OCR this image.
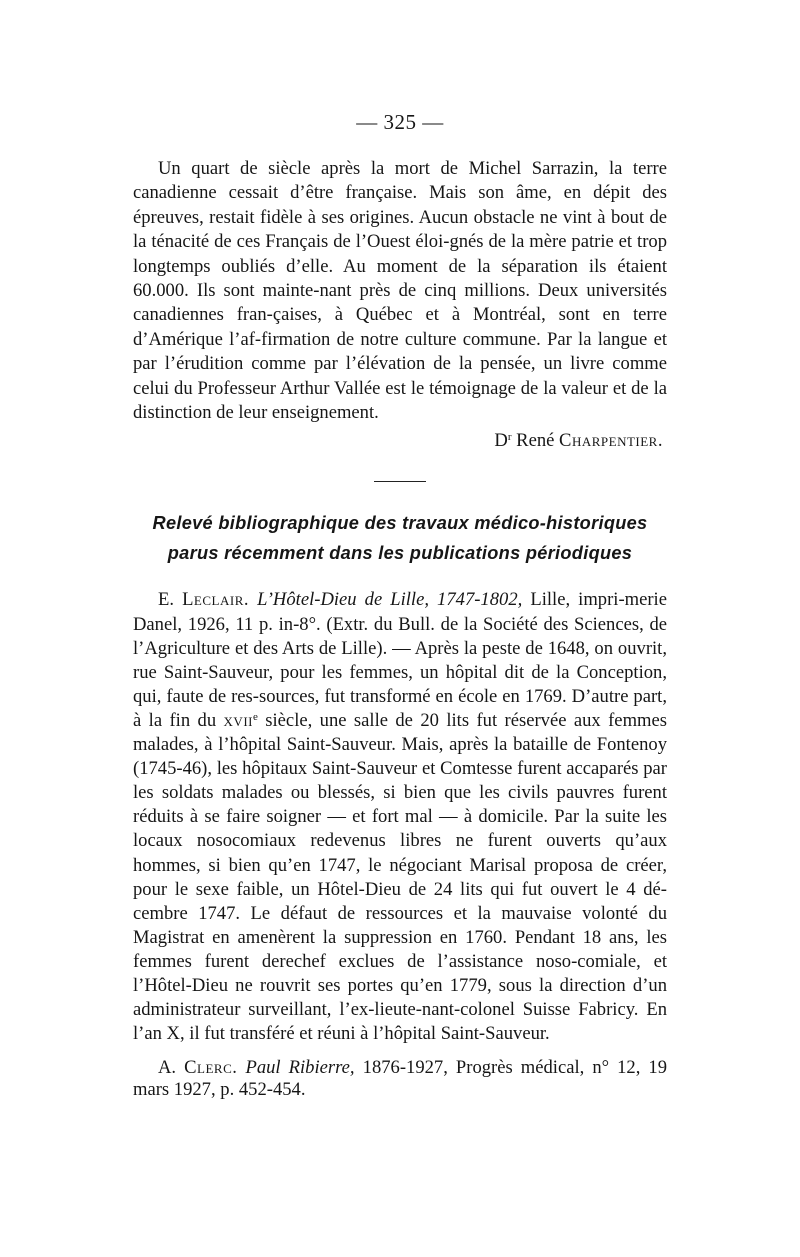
— 325 —

Un quart de siècle après la mort de Michel Sarrazin, la terre canadienne cessait d’être française. Mais son âme, en dépit des épreuves, restait fidèle à ses origines. Aucun obstacle ne vint à bout de la ténacité de ces Français de l’Ouest éloi-gnés de la mère patrie et trop longtemps oubliés d’elle. Au moment de la séparation ils étaient 60.000. Ils sont mainte-nant près de cinq millions. Deux universités canadiennes fran-çaises, à Québec et à Montréal, sont en terre d’Amérique l’af-firmation de notre culture commune. Par la langue et par l’érudition comme par l’élévation de la pensée, un livre comme celui du Professeur Arthur Vallée est le témoignage de la valeur et de la distinction de leur enseignement.

$D^r$ René Charpentier.
Relevé bibliographique des travaux médico-historiques
parus récemment dans les publications périodiques

E. Leclair. L’Hôtel-Dieu de Lille, 1747-1802, Lille, impri-merie Danel, 1926, 11 p. in-8°. (Extr. du Bull. de la Société des Sciences, de l’Agriculture et des Arts de Lille). — Après la peste de 1648, on ouvrit, rue Saint-Sauveur, pour les femmes, un hôpital dit de la Conception, qui, faute de res-sources, fut transformé en école en 1769. D’autre part, à la fin du xvii$^e$ siècle, une salle de 20 lits fut réservée aux femmes malades, à l’hôpital Saint-Sauveur. Mais, après la bataille de Fontenoy (1745-46), les hôpitaux Saint-Sauveur et Comtesse furent accaparés par les soldats malades ou blessés, si bien que les civils pauvres furent réduits à se faire soigner — et fort mal — à domicile. Par la suite les locaux nosocomiaux redevenus libres ne furent ouverts qu’aux hommes, si bien qu’en 1747, le négociant Marisal proposa de créer, pour le sexe faible, un Hôtel-Dieu de 24 lits qui fut ouvert le 4 dé-cembre 1747. Le défaut de ressources et la mauvaise volonté du Magistrat en amenèrent la suppression en 1760. Pendant 18 ans, les femmes furent derechef exclues de l’assistance noso-comiale, et l’Hôtel-Dieu ne rouvrit ses portes qu’en 1779, sous la direction d’un administrateur surveillant, l’ex-lieute-nant-colonel Suisse Fabricy. En l’an X, il fut transféré et réuni à l’hôpital Saint-Sauveur.

A. Clerc. Paul Ribierre, 1876-1927, Progrès médical, n° 12, 19 mars 1927, p. 452-454.
